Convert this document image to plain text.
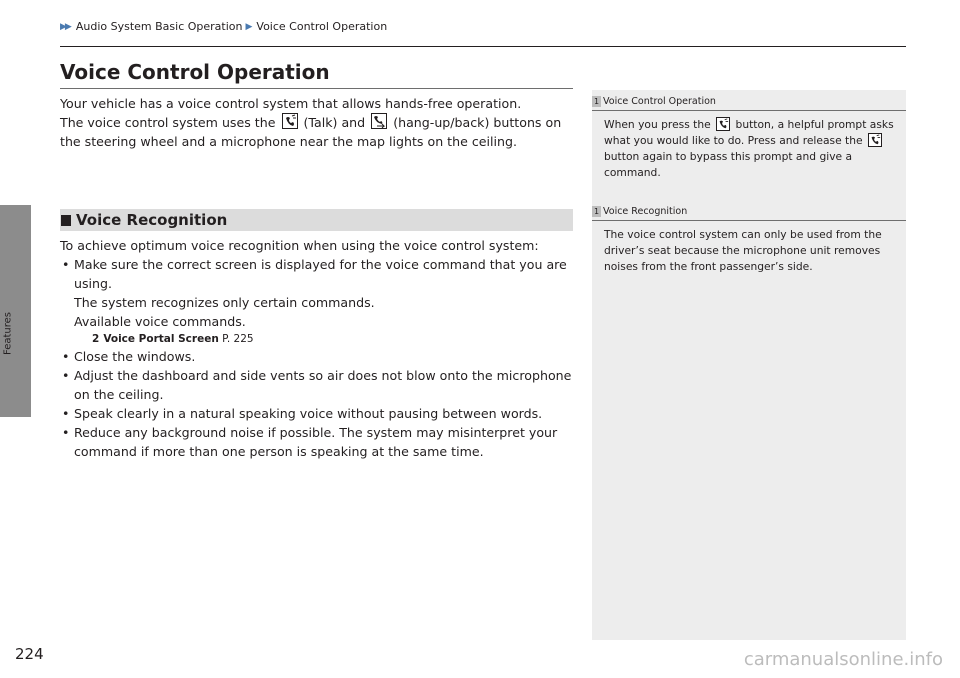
Features
▶▶ Audio System Basic Operation ▶ Voice Control Operation
Voice Control Operation

Your vehicle has a voice control system that allows hands-free operation.

The voice control system uses the (Talk) and (hang-up/back) buttons on the steering wheel and a microphone near the map lights on the ceiling.

Voice Recognition

To achieve optimum voice recognition when using the voice control system:

• Make sure the correct screen is displayed for the voice command that you are using.
The system recognizes only certain commands.
Available voice commands.

2 Voice Portal Screen P. 225

• Close the windows.
• Adjust the dashboard and side vents so air does not blow onto the microphone on the ceiling.
• Speak clearly in a natural speaking voice without pausing between words.
• Reduce any background noise if possible. The system may misinterpret your command if more than one person is speaking at the same time.

1 Voice Control Operation

When you press the button, a helpful prompt asks what you would like to do. Press and release the  button again to bypass this prompt and give a command.

1 Voice Recognition

The voice control system can only be used from the driver’s seat because the microphone unit removes noises from the front passenger’s side.

224	carmanualsonline.info
